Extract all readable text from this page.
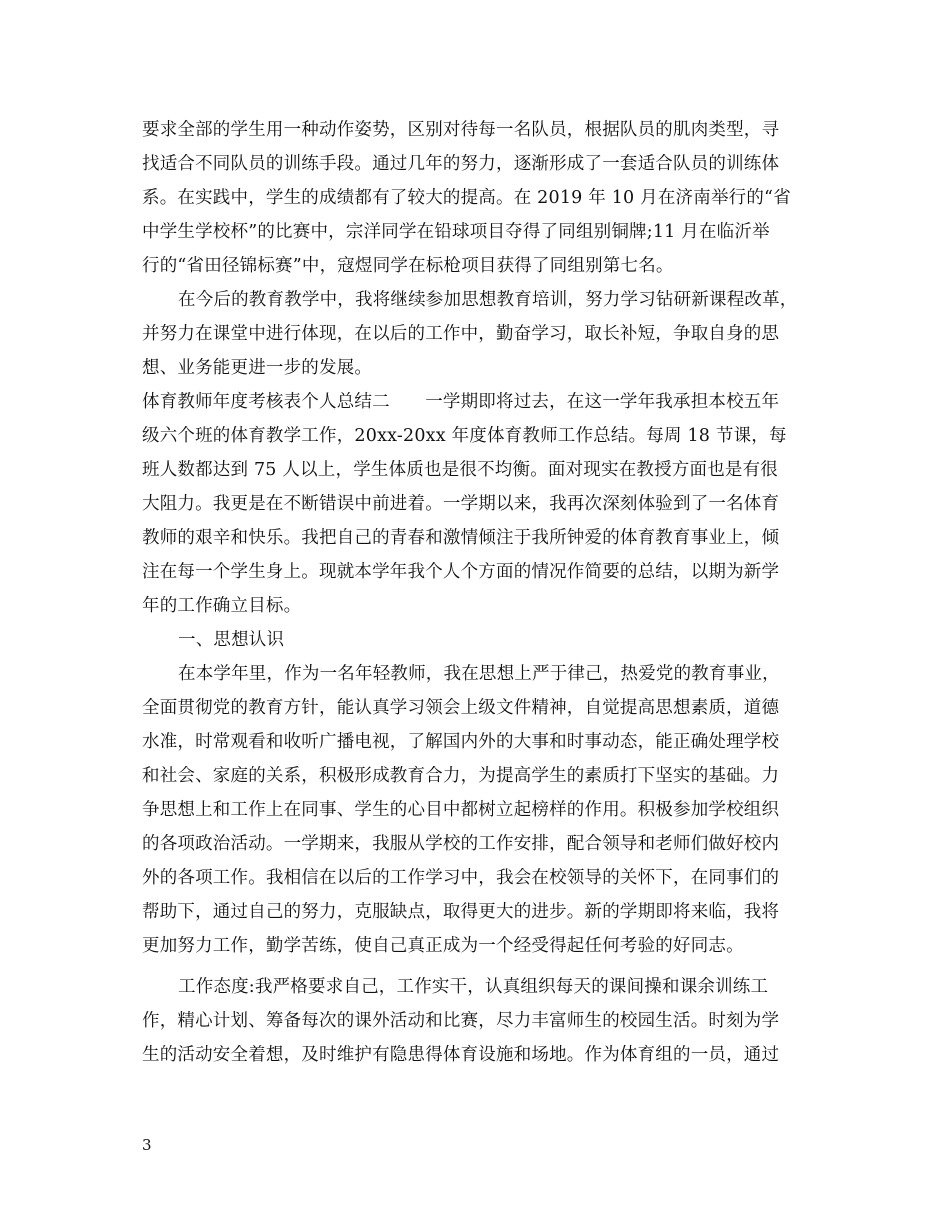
要求全部的学生用一种动作姿势，区别对待每一名队员，根据队员的肌肉类型，寻
找适合不同队员的训练手段。通过几年的努力，逐渐形成了一套适合队员的训练体
系。在实践中，学生的成绩都有了较大的提高。在 2019 年 10 月在济南举行的“省
中学生学校杯”的比赛中，宗洋同学在铅球项目夺得了同组别铜牌;11 月在临沂举
行的“省田径锦标赛”中，寇煜同学在标枪项目获得了同组别第七名。
在今后的教育教学中，我将继续参加思想教育培训，努力学习钻研新课程改革，
并努力在课堂中进行体现，在以后的工作中，勤奋学习，取长补短，争取自身的思
想、业务能更进一步的发展。
体育教师年度考核表个人总结二　　一学期即将过去，在这一学年我承担本校五年
级六个班的体育教学工作，20xx-20xx 年度体育教师工作总结。每周 18 节课，每
班人数都达到 75 人以上，学生体质也是很不均衡。面对现实在教授方面也是有很
大阻力。我更是在不断错误中前进着。一学期以来，我再次深刻体验到了一名体育
教师的艰辛和快乐。我把自己的青春和激情倾注于我所钟爱的体育教育事业上，倾
注在每一个学生身上。现就本学年我个人个方面的情况作简要的总结，以期为新学
年的工作确立目标。
一、思想认识
在本学年里，作为一名年轻教师，我在思想上严于律己，热爱党的教育事业，
全面贯彻党的教育方针，能认真学习领会上级文件精神，自觉提高思想素质，道德
水准，时常观看和收听广播电视，了解国内外的大事和时事动态，能正确处理学校
和社会、家庭的关系，积极形成教育合力，为提高学生的素质打下坚实的基础。力
争思想上和工作上在同事、学生的心目中都树立起榜样的作用。积极参加学校组织
的各项政治活动。一学期来，我服从学校的工作安排，配合领导和老师们做好校内
外的各项工作。我相信在以后的工作学习中，我会在校领导的关怀下，在同事们的
帮助下，通过自己的努力，克服缺点，取得更大的进步。新的学期即将来临，我将
更加努力工作，勤学苦练，使自己真正成为一个经受得起任何考验的好同志。
工作态度:我严格要求自己，工作实干，认真组织每天的课间操和课余训练工
作，精心计划、筹备每次的课外活动和比赛，尽力丰富师生的校园生活。时刻为学
生的活动安全着想，及时维护有隐患得体育设施和场地。作为体育组的一员，通过
3
